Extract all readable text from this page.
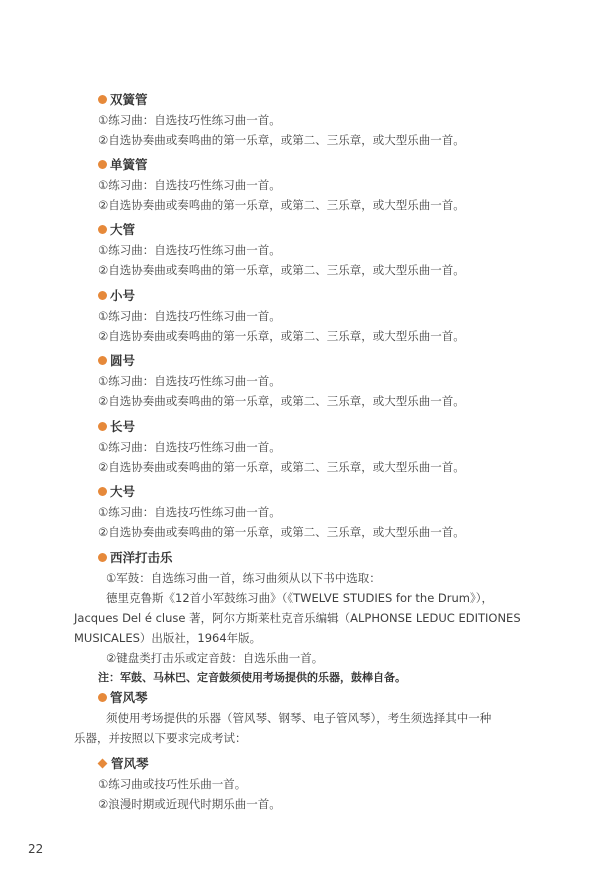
双簧管
①练习曲：自选技巧性练习曲一首。
②自选协奏曲或奏鸣曲的第一乐章，或第二、三乐章，或大型乐曲一首。
单簧管
①练习曲：自选技巧性练习曲一首。
②自选协奏曲或奏鸣曲的第一乐章，或第二、三乐章，或大型乐曲一首。
大管
①练习曲：自选技巧性练习曲一首。
②自选协奏曲或奏鸣曲的第一乐章，或第二、三乐章，或大型乐曲一首。
小号
①练习曲：自选技巧性练习曲一首。
②自选协奏曲或奏鸣曲的第一乐章，或第二、三乐章，或大型乐曲一首。
圆号
①练习曲：自选技巧性练习曲一首。
②自选协奏曲或奏鸣曲的第一乐章，或第二、三乐章，或大型乐曲一首。
长号
①练习曲：自选技巧性练习曲一首。
②自选协奏曲或奏鸣曲的第一乐章，或第二、三乐章，或大型乐曲一首。
大号
①练习曲：自选技巧性练习曲一首。
②自选协奏曲或奏鸣曲的第一乐章，或第二、三乐章，或大型乐曲一首。
西洋打击乐
①军鼓：自选练习曲一首，练习曲须从以下书中选取：
德里克鲁斯《12首小军鼓练习曲》（《TWELVE STUDIES for the Drum》），
Jacques Del é cluse 著，阿尔方斯莱杜克音乐编辑（ALPHONSE LEDUC EDITIONES
MUSICALES）出版社，1964年版。
②键盘类打击乐或定音鼓：自选乐曲一首。
注：军鼓、马林巴、定音鼓须使用考场提供的乐器，鼓棒自备。
管风琴
须使用考场提供的乐器（管风琴、钢琴、电子管风琴），考生须选择其中一种
乐器，并按照以下要求完成考试：
管风琴
①练习曲或技巧性乐曲一首。
②浪漫时期或近现代时期乐曲一首。
22
